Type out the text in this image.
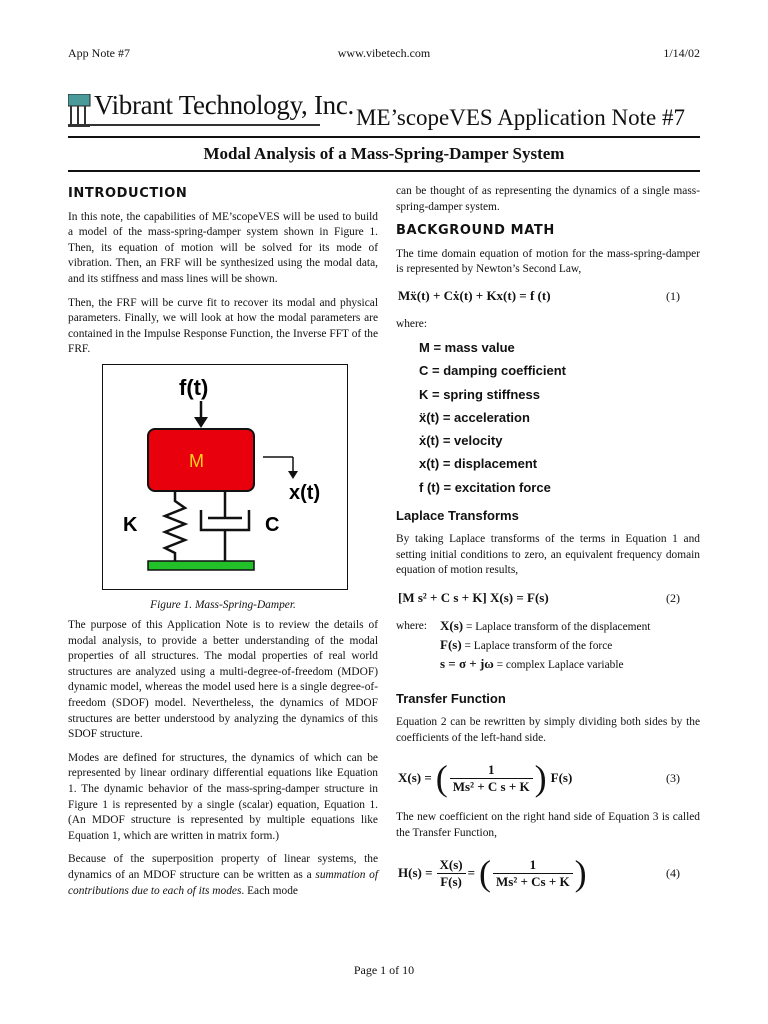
App Note #7	www.vibetech.com	1/14/02
Vibrant Technology, Inc. ME’scopeVES Application Note #7
Modal Analysis of a Mass-Spring-Damper System
INTRODUCTION

In this note, the capabilities of ME’scopeVES will be used to build a model of the mass-spring-damper system shown in Figure 1. Then, its equation of motion will be solved for its mode of vibration. Then, an FRF will be synthesized using the modal data, and its stiffness and mass lines will be shown.

Then, the FRF will be curve fit to recover its modal and physical parameters. Finally, we will look at how the modal parameters are contained in the Impulse Response Function, the Inverse FFT of the FRF.

f(t)
M
x(t)
K	C
Figure 1. Mass-Spring-Damper.

The purpose of this Application Note is to review the details of modal analysis, to provide a better understanding of the modal properties of all structures. The modal properties of real world structures are analyzed using a multi-degree-of-freedom (MDOF) dynamic model, whereas the model used here is a single degree-of-freedom (SDOF) model. Nevertheless, the dynamics of MDOF structures are better understood by analyzing the dynamics of this SDOF structure.

Modes are defined for structures, the dynamics of which can be represented by linear ordinary differential equations like Equation 1. The dynamic behavior of the mass-spring-damper structure in Figure 1 is represented by a single (scalar) equation, Equation 1. (An MDOF structure is represented by multiple equations like Equation 1, which are written in matrix form.)

Because of the superposition property of linear systems, the dynamics of an MDOF structure can be written as a summation of contributions due to each of its modes. Each mode

can be thought of as representing the dynamics of a single mass-spring-damper system.

BACKGROUND MATH

The time domain equation of motion for the mass-spring-damper is represented by Newton’s Second Law,

Mẍ(t) + Cẋ(t) + Kx(t) = f (t)	(1)
where:
M = mass value
C = damping coefficient
K = spring stiffness
ẍ(t) = acceleration
ẋ(t) = velocity
x(t) = displacement
f (t) = excitation force
Laplace Transforms

By taking Laplace transforms of the terms in Equation 1 and setting initial conditions to zero, an equivalent frequency domain equation of motion results,

[M s² + C s + K] X(s) = F(s)	(2)
where: X(s) = Laplace transform of the displacement
F(s) = Laplace transform of the force
s = σ + jω = complex Laplace variable
Transfer Function

Equation 2 can be rewritten by simply dividing both sides by the coefficients of the left-hand side.

X(s) = ( $\frac{1}{\text{Ms² + C s + K}}$ ) F(s)	(3)

The new coefficient on the right hand side of Equation 3 is called the Transfer Function,

$H(s) = \frac{X(s)}{F(s)}$ = ( $\frac{1}{\text{Ms² + Cs + K}}$ )	(4)
Page 1 of 10
